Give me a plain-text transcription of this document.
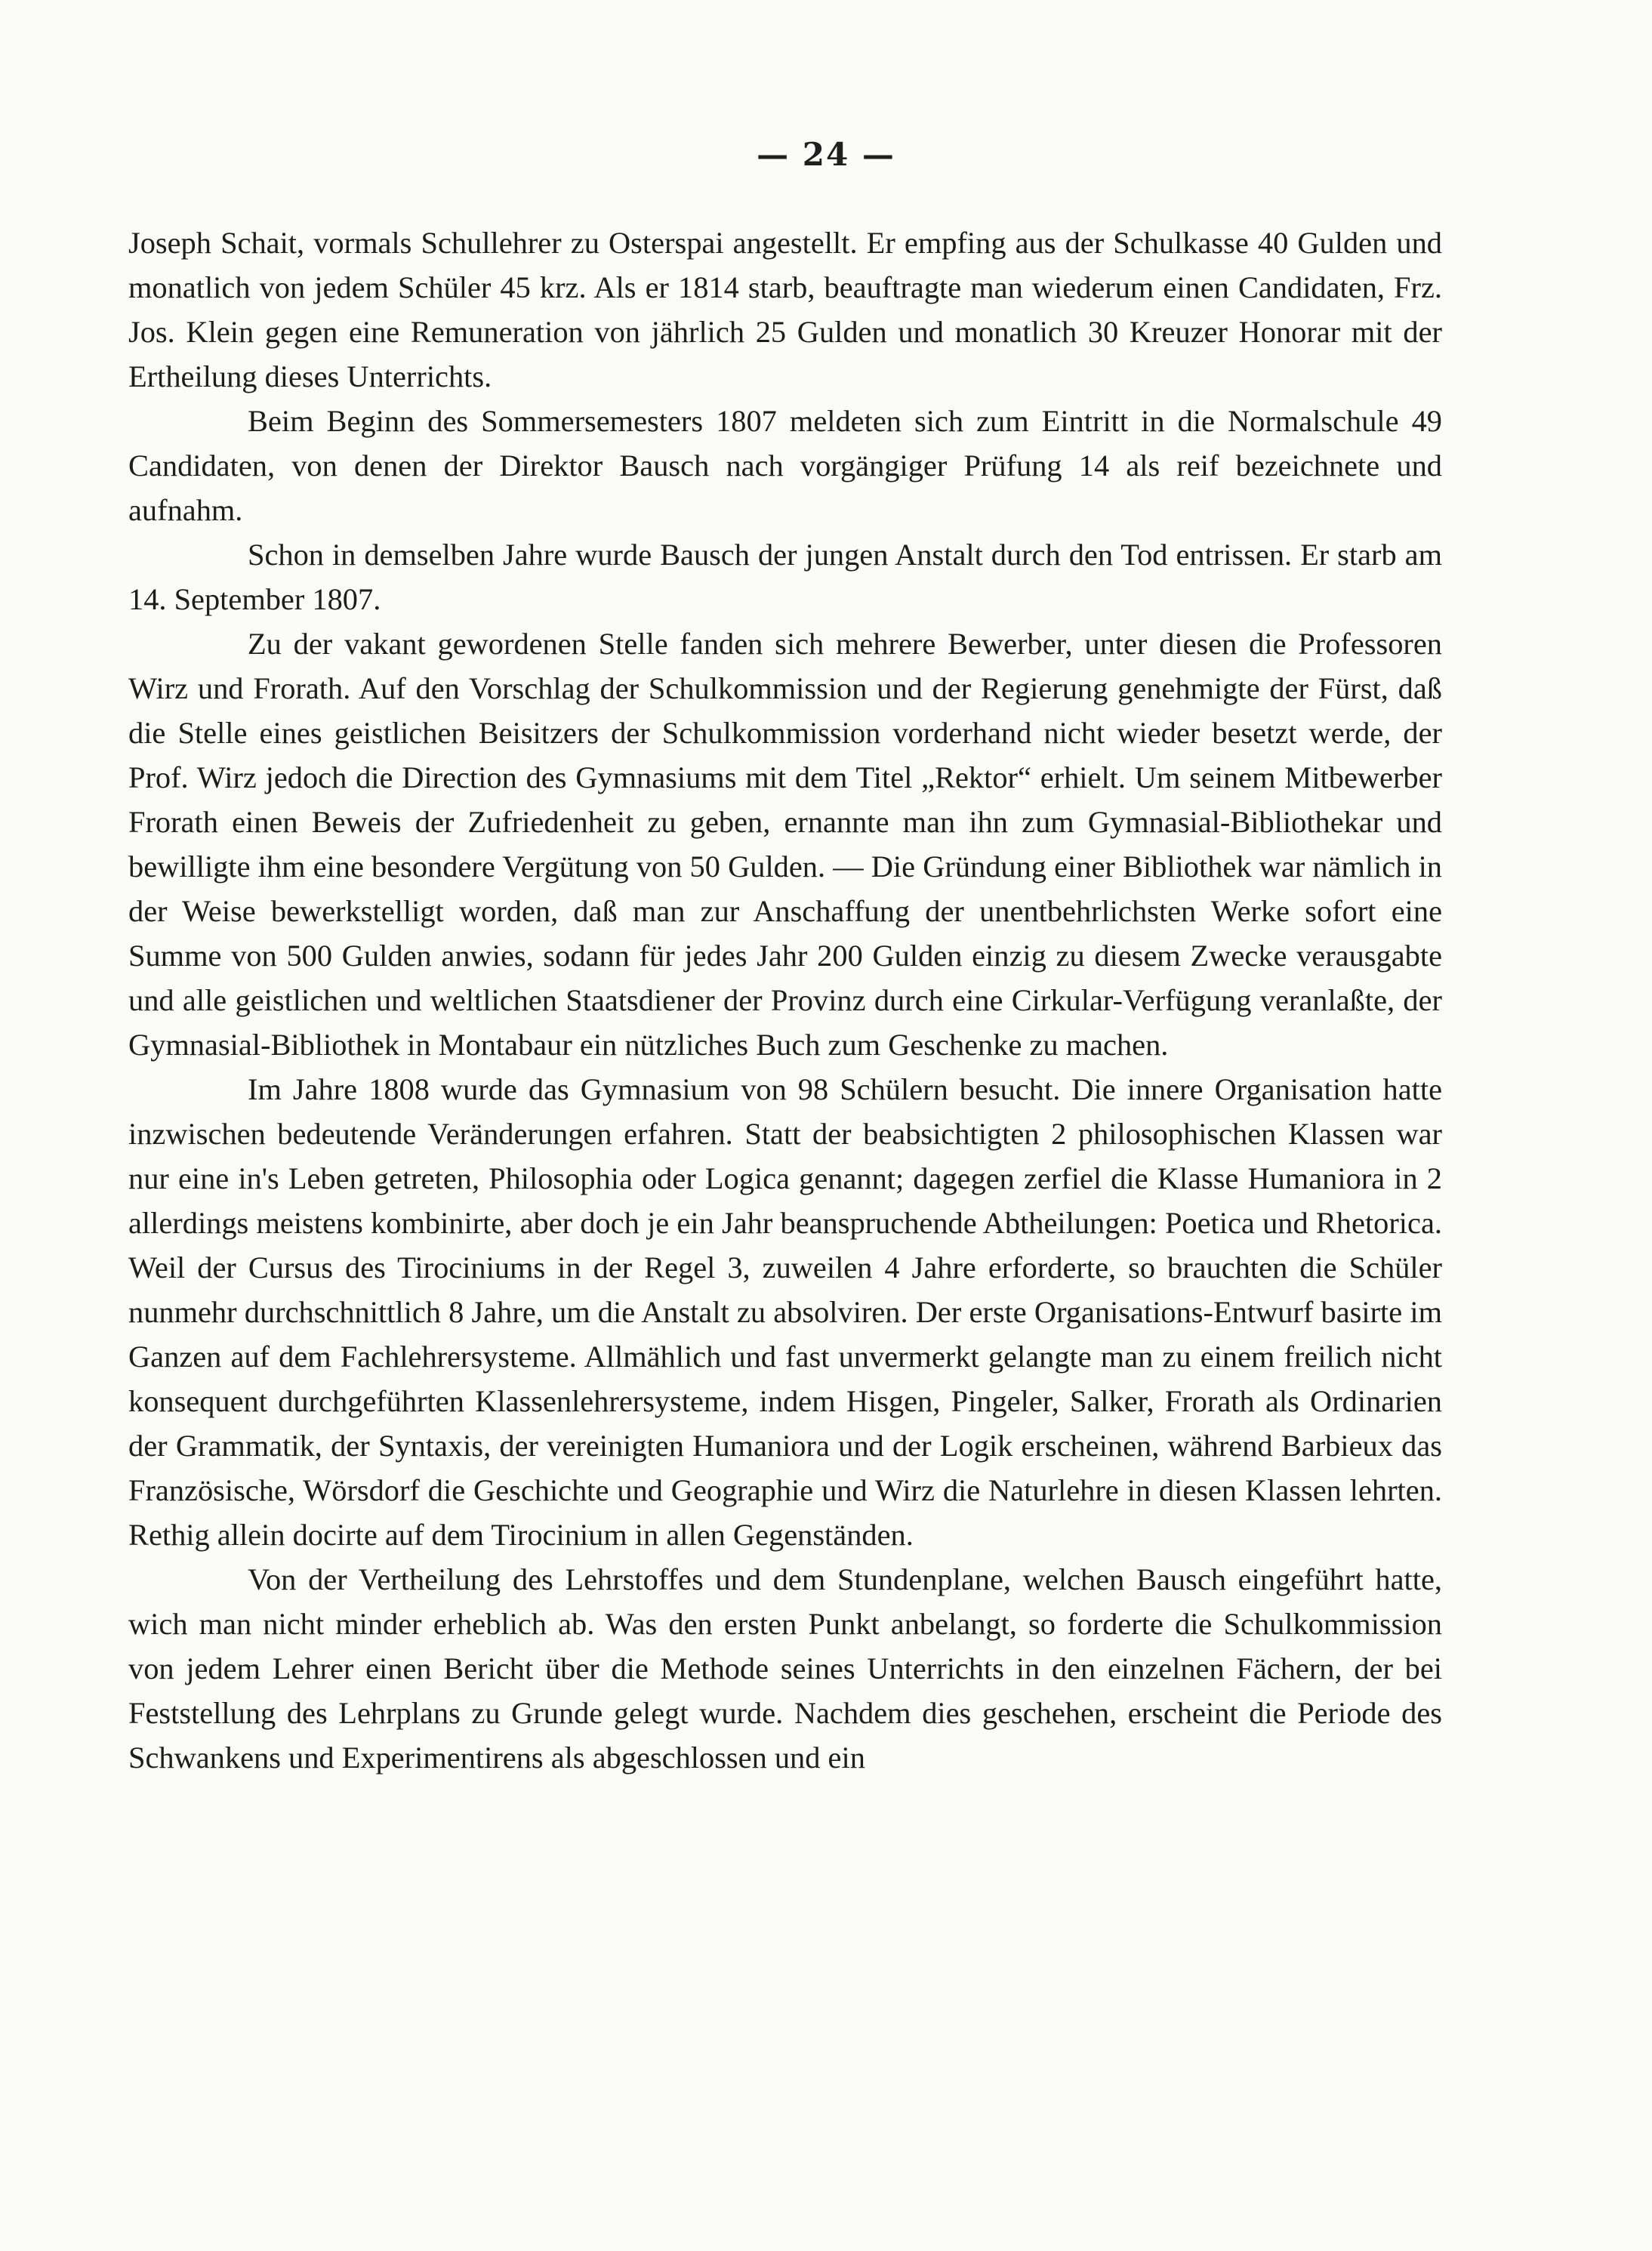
— 24 —

Joseph Schait, vormals Schullehrer zu Osterspai angestellt. Er empfing aus der Schulkasse 40 Gulden und monatlich von jedem Schüler 45 krz. Als er 1814 starb, beauftragte man wiederum einen Candidaten, Frz. Jos. Klein gegen eine Remuneration von jährlich 25 Gulden und monatlich 30 Kreuzer Honorar mit der Ertheilung dieses Unterrichts.

Beim Beginn des Sommersemesters 1807 meldeten sich zum Eintritt in die Normalschule 49 Candidaten, von denen der Direktor Bausch nach vorgängiger Prüfung 14 als reif bezeichnete und aufnahm.

Schon in demselben Jahre wurde Bausch der jungen Anstalt durch den Tod entrissen. Er starb am 14. September 1807.

Zu der vakant gewordenen Stelle fanden sich mehrere Bewerber, unter diesen die Professoren Wirz und Frorath. Auf den Vorschlag der Schulkommission und der Regierung genehmigte der Fürst, daß die Stelle eines geistlichen Beisitzers der Schulkommission vorderhand nicht wieder besetzt werde, der Prof. Wirz jedoch die Direction des Gymnasiums mit dem Titel „Rektor“ erhielt. Um seinem Mitbewerber Frorath einen Beweis der Zufriedenheit zu geben, ernannte man ihn zum Gymnasial-Bibliothekar und bewilligte ihm eine besondere Vergütung von 50 Gulden. — Die Gründung einer Bibliothek war nämlich in der Weise bewerkstelligt worden, daß man zur Anschaffung der unentbehrlichsten Werke sofort eine Summe von 500 Gulden anwies, sodann für jedes Jahr 200 Gulden einzig zu diesem Zwecke verausgabte und alle geistlichen und weltlichen Staatsdiener der Provinz durch eine Cirkular-Verfügung veranlaßte, der Gymnasial-Bibliothek in Montabaur ein nützliches Buch zum Geschenke zu machen.

Im Jahre 1808 wurde das Gymnasium von 98 Schülern besucht. Die innere Organisation hatte inzwischen bedeutende Veränderungen erfahren. Statt der beabsichtigten 2 philosophischen Klassen war nur eine in's Leben getreten, Philosophia oder Logica genannt; dagegen zerfiel die Klasse Humaniora in 2 allerdings meistens kombinirte, aber doch je ein Jahr beanspruchende Abtheilungen: Poetica und Rhetorica. Weil der Cursus des Tirociniums in der Regel 3, zuweilen 4 Jahre erforderte, so brauchten die Schüler nunmehr durchschnittlich 8 Jahre, um die Anstalt zu absolviren. Der erste Organisations-Entwurf basirte im Ganzen auf dem Fachlehrersysteme. Allmählich und fast unvermerkt gelangte man zu einem freilich nicht konsequent durchgeführten Klassenlehrersysteme, indem Hisgen, Pingeler, Salker, Frorath als Ordinarien der Grammatik, der Syntaxis, der vereinigten Humaniora und der Logik erscheinen, während Barbieux das Französische, Wörsdorf die Geschichte und Geographie und Wirz die Naturlehre in diesen Klassen lehrten. Rethig allein docirte auf dem Tirocinium in allen Gegenständen.

Von der Vertheilung des Lehrstoffes und dem Stundenplane, welchen Bausch eingeführt hatte, wich man nicht minder erheblich ab. Was den ersten Punkt anbelangt, so forderte die Schulkommission von jedem Lehrer einen Bericht über die Methode seines Unterrichts in den einzelnen Fächern, der bei Feststellung des Lehrplans zu Grunde gelegt wurde. Nachdem dies geschehen, erscheint die Periode des Schwankens und Experimentirens als abgeschlossen und ein
